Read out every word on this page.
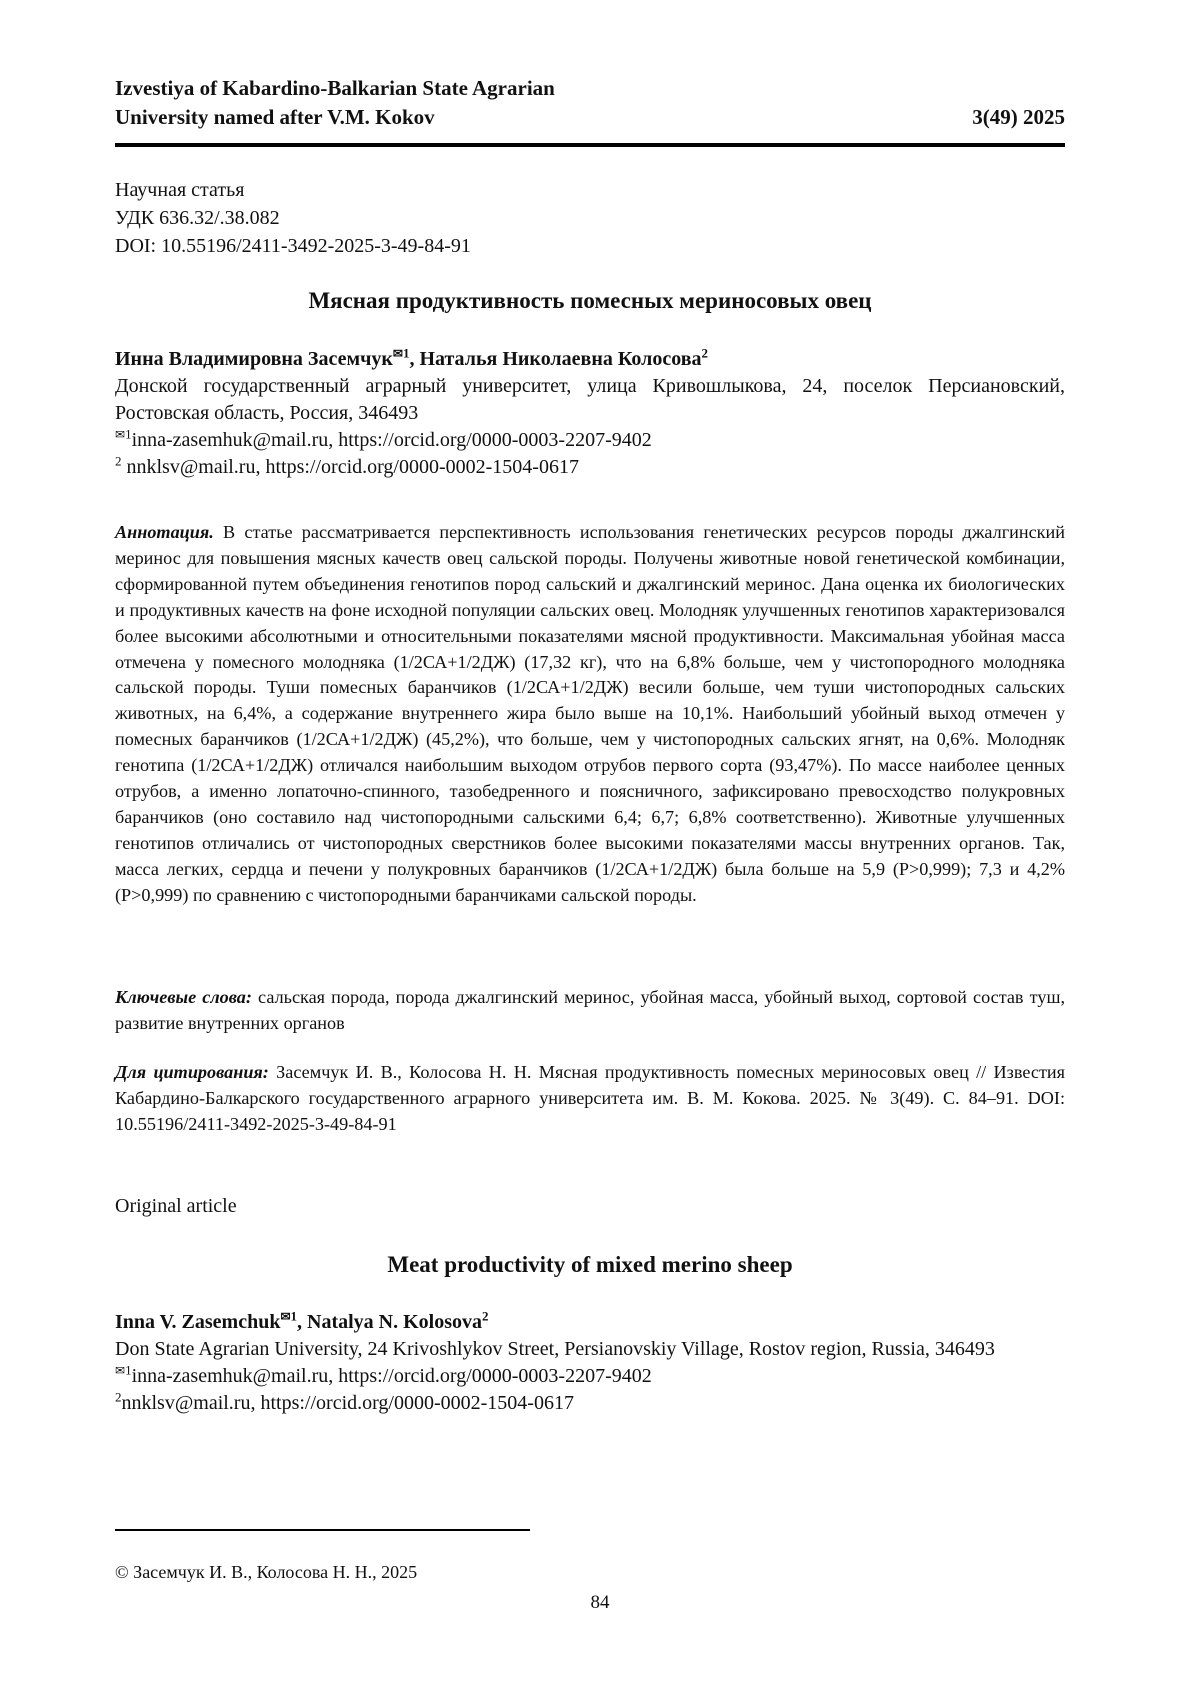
Izvestiya of Kabardino-Balkarian State Agrarian
University named after V.M. Kokov	3(49) 2025
Научная статья
УДК 636.32/.38.082
DOI: 10.55196/2411-3492-2025-3-49-84-91
Мясная продуктивность помесных мериносовых овец
Инна Владимировна Засемчук✉1, Наталья Николаевна Колосова2
Донской государственный аграрный университет, улица Кривошлыкова, 24, поселок Персиановский, Ростовская область, Россия, 346493
✉1inna-zasemhuk@mail.ru, https://orcid.org/0000-0003-2207-9402
2 nnklsv@mail.ru, https://orcid.org/0000-0002-1504-0617
Аннотация. В статье рассматривается перспективность использования генетических ресурсов породы джалгинский меринос для повышения мясных качеств овец сальской породы. Получены животные новой генетической комбинации, сформированной путем объединения генотипов пород сальский и джалгинский меринос. Дана оценка их биологических и продуктивных качеств на фоне исходной популяции сальских овец. Молодняк улучшенных генотипов характеризовался более высокими абсолютными и относительными показателями мясной продуктивности. Максимальная убойная масса отмечена у помесного молодняка (1/2СА+1/2ДЖ) (17,32 кг), что на 6,8% больше, чем у чистопородного молодняка сальской породы. Туши помесных баранчиков (1/2СА+1/2ДЖ) весили больше, чем туши чистопородных сальских животных, на 6,4%, а содержание внутреннего жира было выше на 10,1%. Наибольший убойный выход отмечен у помесных баранчиков (1/2СА+1/2ДЖ) (45,2%), что больше, чем у чистопородных сальских ягнят, на 0,6%. Молодняк генотипа (1/2СА+1/2ДЖ) отличался наибольшим выходом отрубов первого сорта (93,47%). По массе наиболее ценных отрубов, а именно лопаточно-спинного, тазобедренного и поясничного, зафиксировано превосходство полукровных баранчиков (оно составило над чистопородными сальскими 6,4; 6,7; 6,8% соответственно). Животные улучшенных генотипов отличались от чистопородных сверстников более высокими показателями массы внутренних органов. Так, масса легких, сердца и печени у полукровных баранчиков (1/2СА+1/2ДЖ) была больше на 5,9 (P>0,999); 7,3 и 4,2% (P>0,999) по сравнению с чистопородными баранчиками сальской породы.
Ключевые слова: сальская порода, порода джалгинский меринос, убойная масса, убойный выход, сортовой состав туш, развитие внутренних органов
Для цитирования: Засемчук И. В., Колосова Н. Н. Мясная продуктивность помесных мериносовых овец // Известия Кабардино-Балкарского государственного аграрного университета им. В. М. Кокова. 2025. № 3(49). С. 84–91. DOI: 10.55196/2411-3492-2025-3-49-84-91
Original article
Meat productivity of mixed merino sheep
Inna V. Zasemchuk✉1, Natalya N. Kolosova2
Don State Agrarian University, 24 Krivoshlykov Street, Persianovskiy Village, Rostov region, Russia, 346493
✉1inna-zasemhuk@mail.ru, https://orcid.org/0000-0003-2207-9402
2nnklsv@mail.ru, https://orcid.org/0000-0002-1504-0617
© Засемчук И. В., Колосова Н. Н., 2025
84
